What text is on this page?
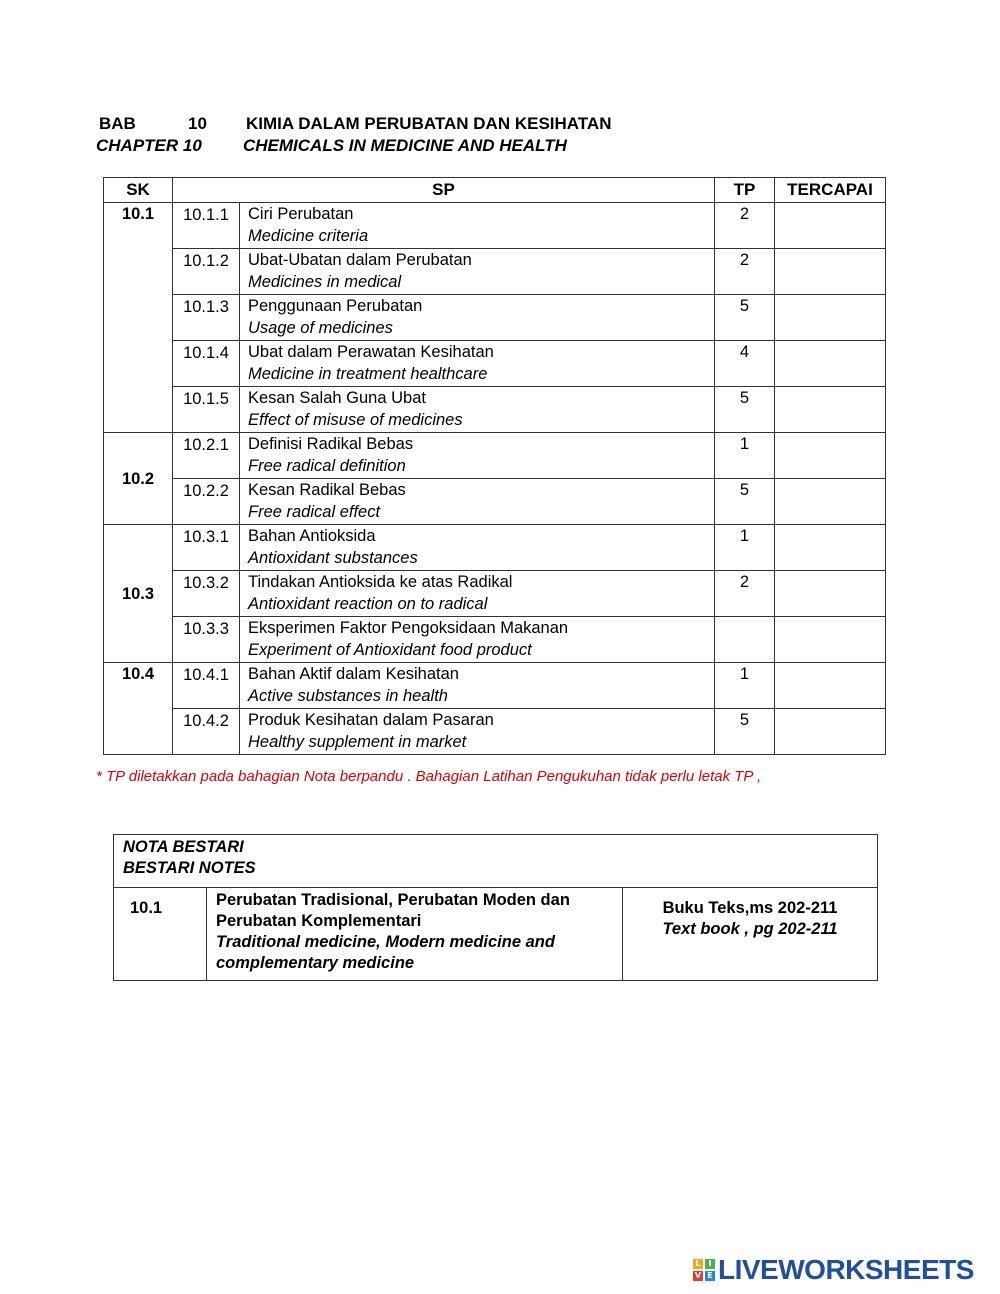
BAB	10 KIMIA DALAM PERUBATAN DAN KESIHATAN
CHAPTER 10 CHEMICALS IN MEDICINE AND HEALTH
SK	SP		TP	TERCAPAI
10.1	10.1.1	Ciri Perubatan
Medicine criteria	2	
	10.1.2	Ubat-Ubatan dalam Perubatan
Medicines in medical	2	
	10.1.3	Penggunaan Perubatan
Usage of medicines	5	
	10.1.4	Ubat dalam Perawatan Kesihatan
Medicine in treatment healthcare	4	
	10.1.5	Kesan Salah Guna Ubat
Effect of misuse of medicines	5	
10.2	10.2.1	Definisi Radikal Bebas
Free radical definition	1	
	10.2.2	Kesan Radikal Bebas
Free radical effect	5	
10.3	10.3.1	Bahan Antioksida
Antioxidant substances	1	
	10.3.2	Tindakan Antioksida ke atas Radikal
Antioxidant reaction on to radical	2	
	10.3.3	Eksperimen Faktor Pengoksidaan Makanan
Experiment of Antioxidant food product		

10.4	10.4.1	Bahan Aktif dalam Kesihatan
Active substances in health	1	
	10.4.2	Produk Kesihatan dalam Pasaran
Healthy supplement in market	5	
* TP diletakkan pada bahagian Nota berpandu . Bahagian Latihan Pengukuhan tidak perlu letak TP ,
NOTA BESTARI
BESTARI NOTES

10.1	Perubatan Tradisional, Perubatan Moden dan Perubatan Komplementari
Traditional medicine, Modern medicine and complementary medicine

Buku Teks,ms 202-211
Text book , pg 202-211
L I
V E LIVEWORKSHEETS
